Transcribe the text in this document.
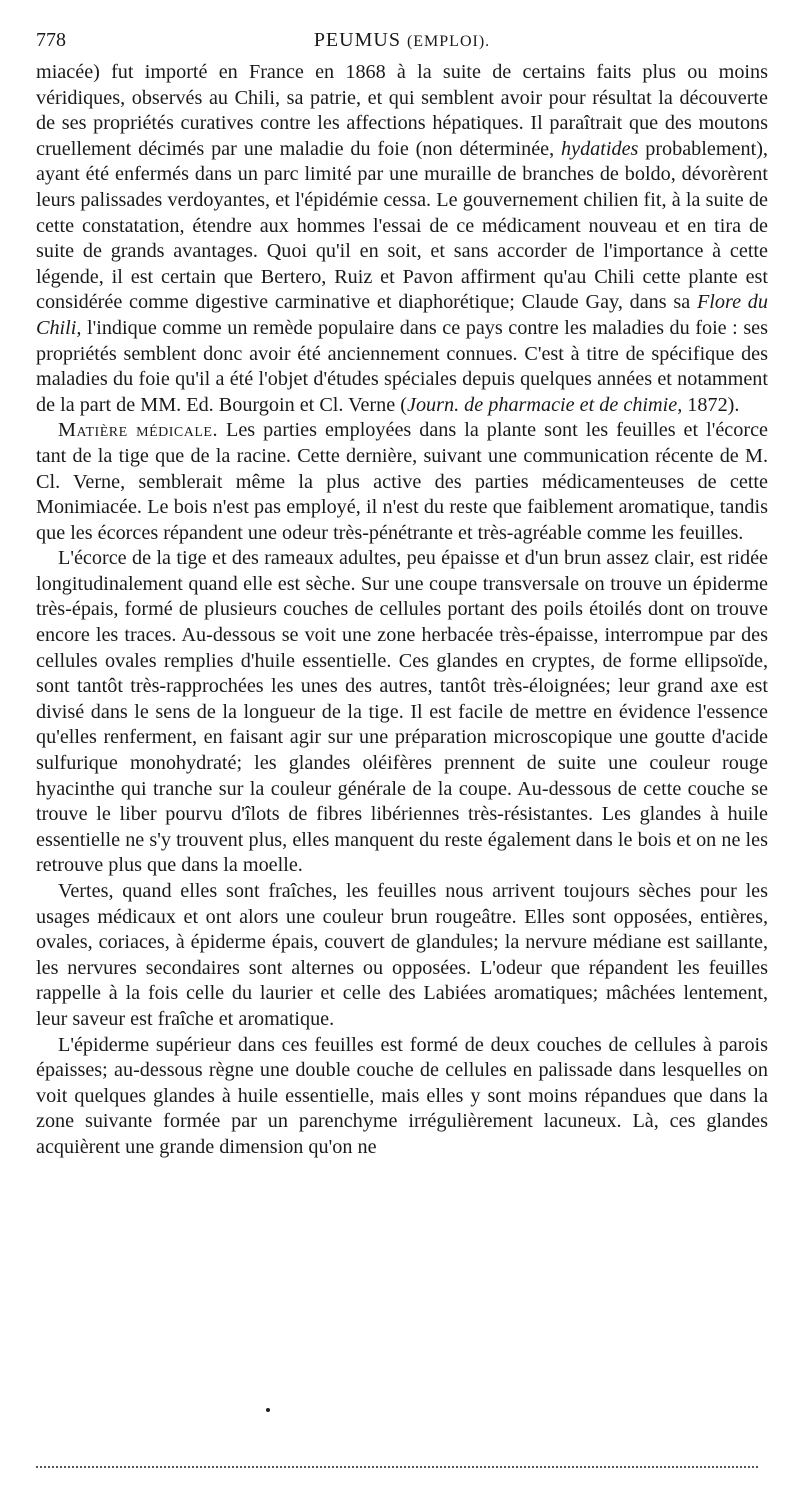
778	PEUMUS (EMPLOI).

miacée) fut importé en France en 1868 à la suite de certains faits plus ou moins véridiques, observés au Chili, sa patrie, et qui semblent avoir pour résultat la découverte de ses propriétés curatives contre les affections hépatiques. Il paraîtrait que des moutons cruellement décimés par une maladie du foie (non déterminée, hydatides probablement), ayant été enfermés dans un parc limité par une muraille de branches de boldo, dévorèrent leurs palissades verdoyantes, et l'épidémie cessa. Le gouvernement chilien fit, à la suite de cette constatation, étendre aux hommes l'essai de ce médicament nouveau et en tira de suite de grands avantages. Quoi qu'il en soit, et sans accorder de l'importance à cette légende, il est certain que Bertero, Ruiz et Pavon affirment qu'au Chili cette plante est considérée comme digestive carminative et diaphorétique; Claude Gay, dans sa Flore du Chili, l'indique comme un remède populaire dans ce pays contre les maladies du foie : ses propriétés semblent donc avoir été anciennement connues. C'est à titre de spécifique des maladies du foie qu'il a été l'objet d'études spéciales depuis quelques années et notamment de la part de MM. Ed. Bourgoin et Cl. Verne (Journ. de pharmacie et de chimie, 1872).

Matière médicale. Les parties employées dans la plante sont les feuilles et l'écorce tant de la tige que de la racine. Cette dernière, suivant une communication récente de M. Cl. Verne, semblerait même la plus active des parties médicamenteuses de cette Monimiacée. Le bois n'est pas employé, il n'est du reste que faiblement aromatique, tandis que les écorces répandent une odeur très-pénétrante et très-agréable comme les feuilles.

L'écorce de la tige et des rameaux adultes, peu épaisse et d'un brun assez clair, est ridée longitudinalement quand elle est sèche. Sur une coupe transversale on trouve un épiderme très-épais, formé de plusieurs couches de cellules portant des poils étoilés dont on trouve encore les traces. Au-dessous se voit une zone herbacée très-épaisse, interrompue par des cellules ovales remplies d'huile essentielle. Ces glandes en cryptes, de forme ellipsoïde, sont tantôt très-rapprochées les unes des autres, tantôt très-éloignées; leur grand axe est divisé dans le sens de la longueur de la tige. Il est facile de mettre en évidence l'essence qu'elles renferment, en faisant agir sur une préparation microscopique une goutte d'acide sulfurique monohydraté; les glandes oléifères prennent de suite une couleur rouge hyacinthe qui tranche sur la couleur générale de la coupe. Au-dessous de cette couche se trouve le liber pourvu d'îlots de fibres libériennes très-résistantes. Les glandes à huile essentielle ne s'y trouvent plus, elles manquent du reste également dans le bois et on ne les retrouve plus que dans la moelle.

Vertes, quand elles sont fraîches, les feuilles nous arrivent toujours sèches pour les usages médicaux et ont alors une couleur brun rougeâtre. Elles sont opposées, entières, ovales, coriaces, à épiderme épais, couvert de glandules; la nervure médiane est saillante, les nervures secondaires sont alternes ou opposées. L'odeur que répandent les feuilles rappelle à la fois celle du laurier et celle des Labiées aromatiques; mâchées lentement, leur saveur est fraîche et aromatique.

L'épiderme supérieur dans ces feuilles est formé de deux couches de cellules à parois épaisses; au-dessous règne une double couche de cellules en palissade dans lesquelles on voit quelques glandes à huile essentielle, mais elles y sont moins répandues que dans la zone suivante formée par un parenchyme irrégulièrement lacuneux. Là, ces glandes acquièrent une grande dimension qu'on ne
